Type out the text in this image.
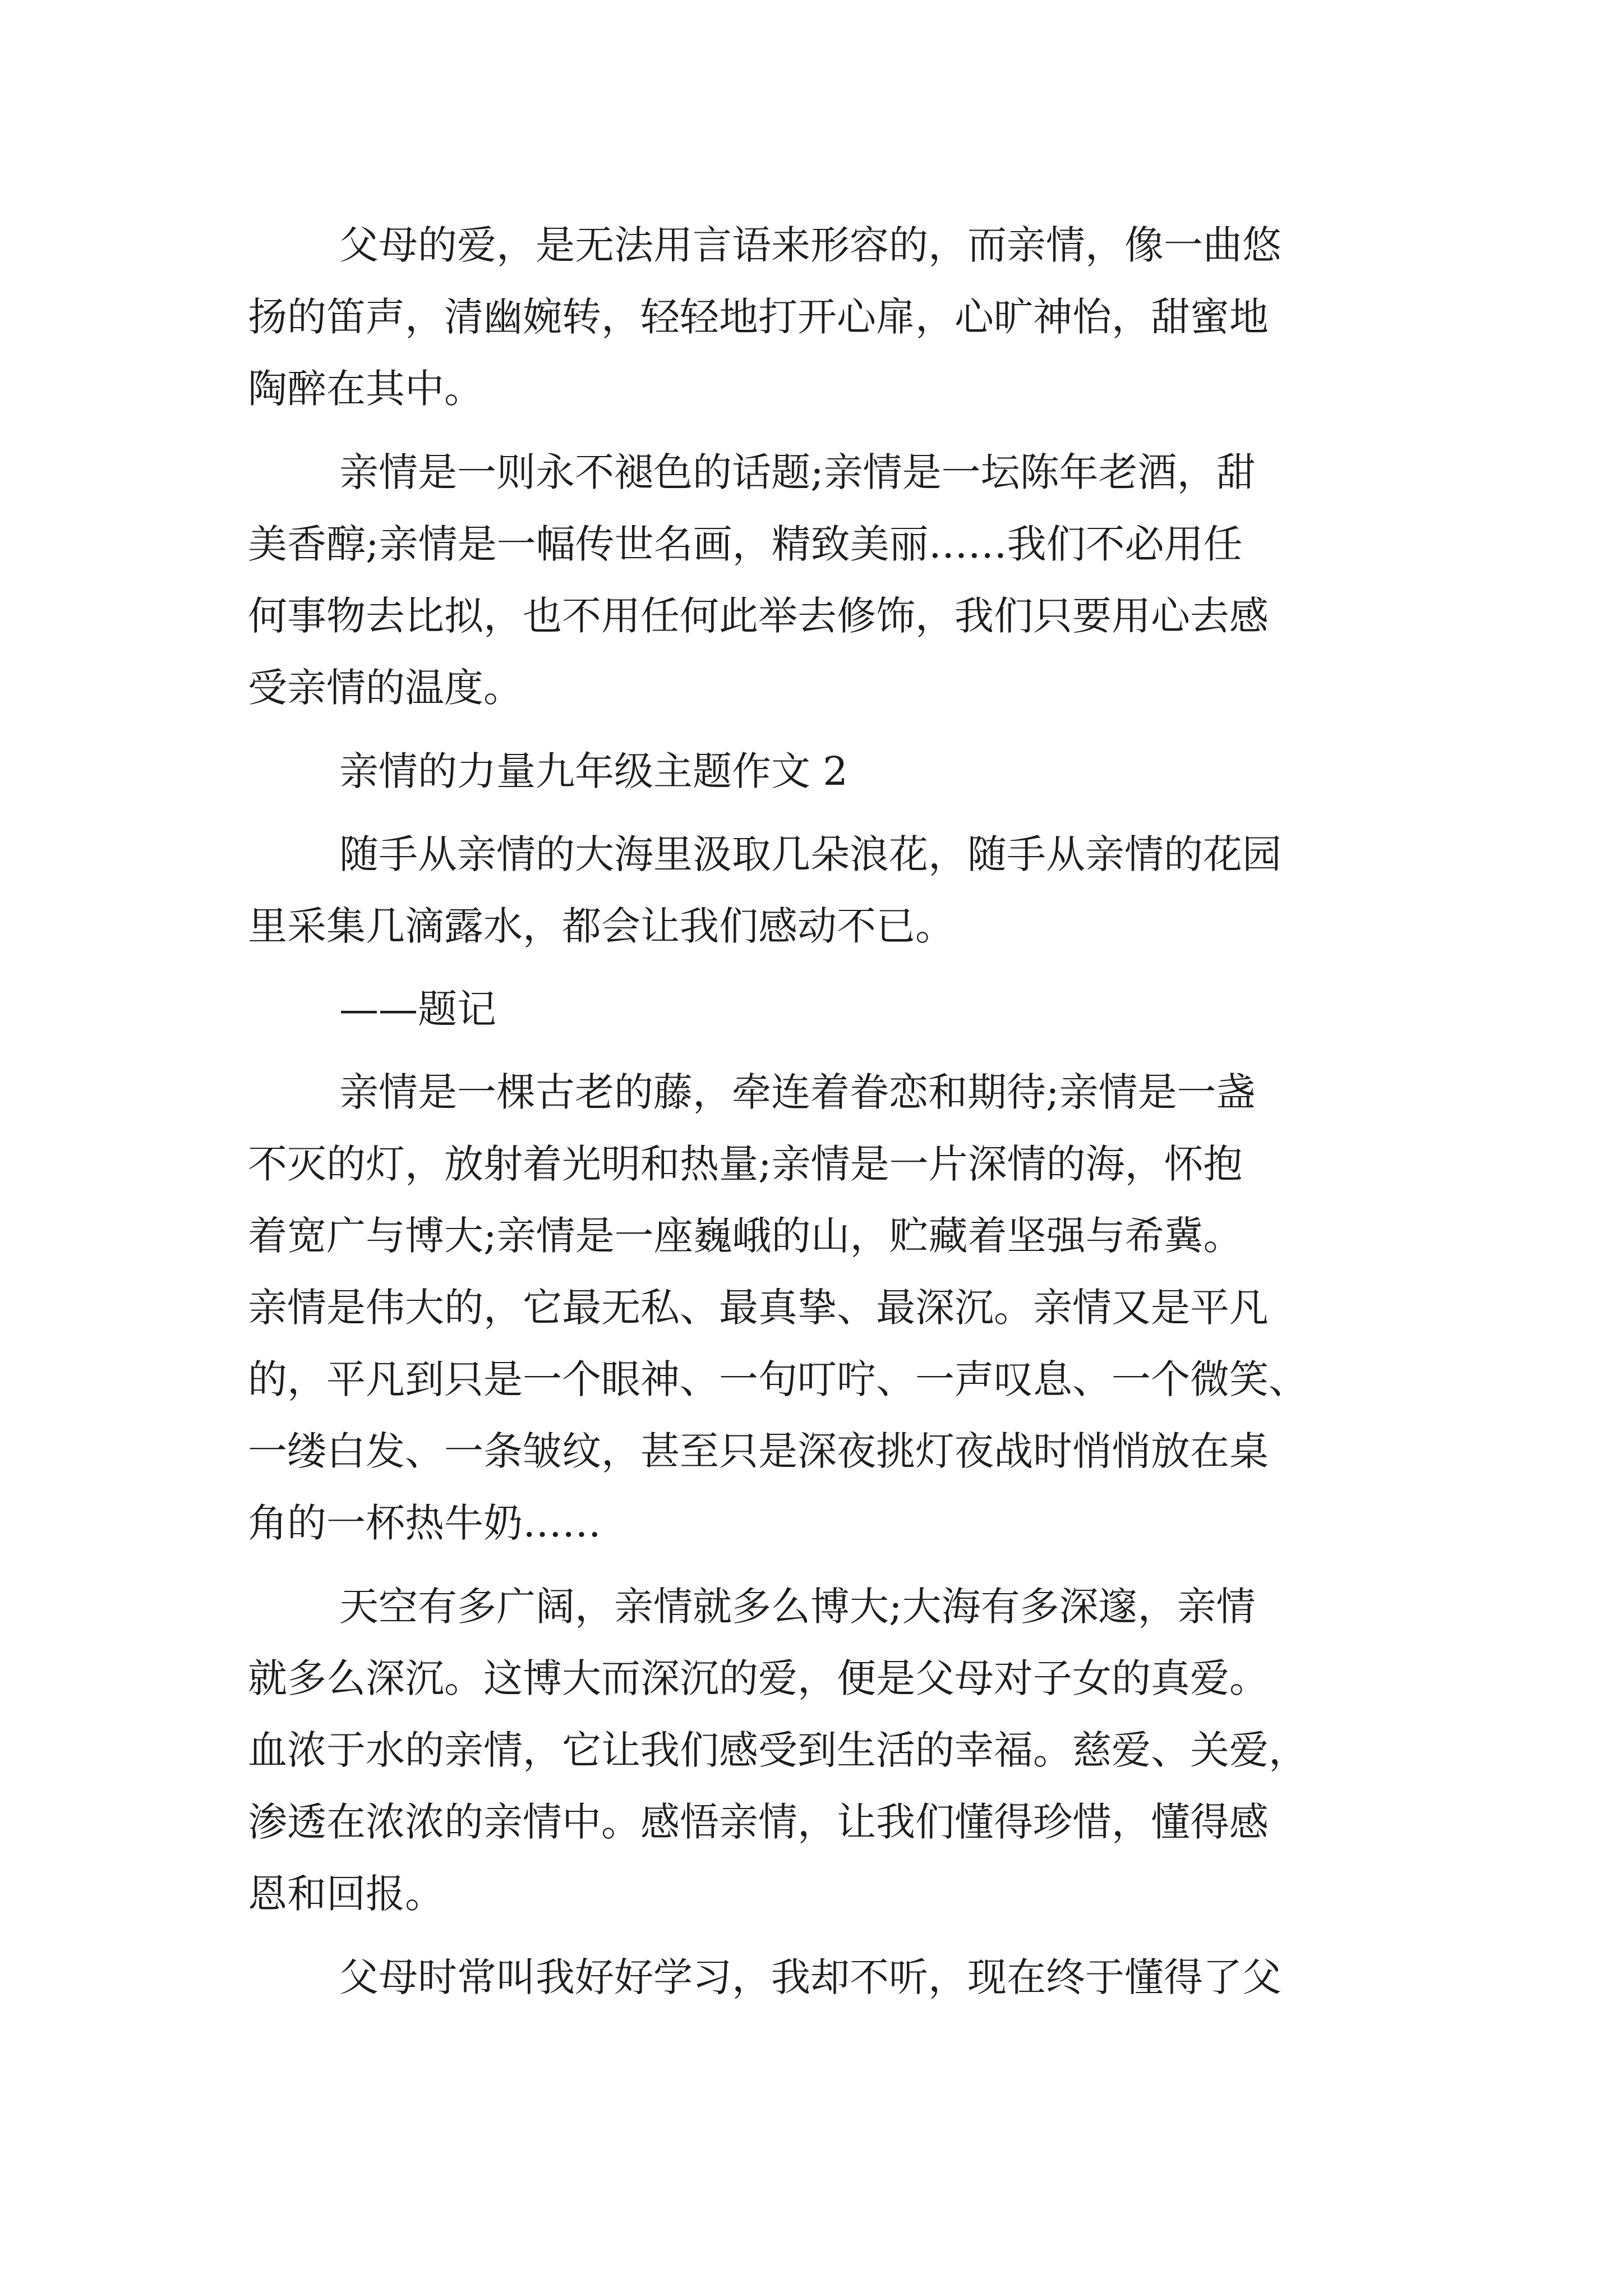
父母的爱，是无法用言语来形容的，而亲情，像一曲悠

扬的笛声，清幽婉转，轻轻地打开心扉，心旷神怡，甜蜜地

陶醉在其中。

亲情是一则永不褪色的话题;亲情是一坛陈年老酒，甜

美香醇;亲情是一幅传世名画，精致美丽……我们不必用任

何事物去比拟，也不用任何此举去修饰，我们只要用心去感

受亲情的温度。

亲情的力量九年级主题作文 2

随手从亲情的大海里汲取几朵浪花，随手从亲情的花园

里采集几滴露水，都会让我们感动不已。

——题记

亲情是一棵古老的藤，牵连着眷恋和期待;亲情是一盏

不灭的灯，放射着光明和热量;亲情是一片深情的海，怀抱

着宽广与博大;亲情是一座巍峨的山，贮藏着坚强与希冀。

亲情是伟大的，它最无私、最真挚、最深沉。亲情又是平凡

的，平凡到只是一个眼神、一句叮咛、一声叹息、一个微笑、

一缕白发、一条皱纹，甚至只是深夜挑灯夜战时悄悄放在桌

角的一杯热牛奶……

天空有多广阔，亲情就多么博大;大海有多深邃，亲情

就多么深沉。这博大而深沉的爱，便是父母对子女的真爱。

血浓于水的亲情，它让我们感受到生活的幸福。慈爱、关爱，

渗透在浓浓的亲情中。感悟亲情，让我们懂得珍惜，懂得感

恩和回报。

父母时常叫我好好学习，我却不听，现在终于懂得了父
